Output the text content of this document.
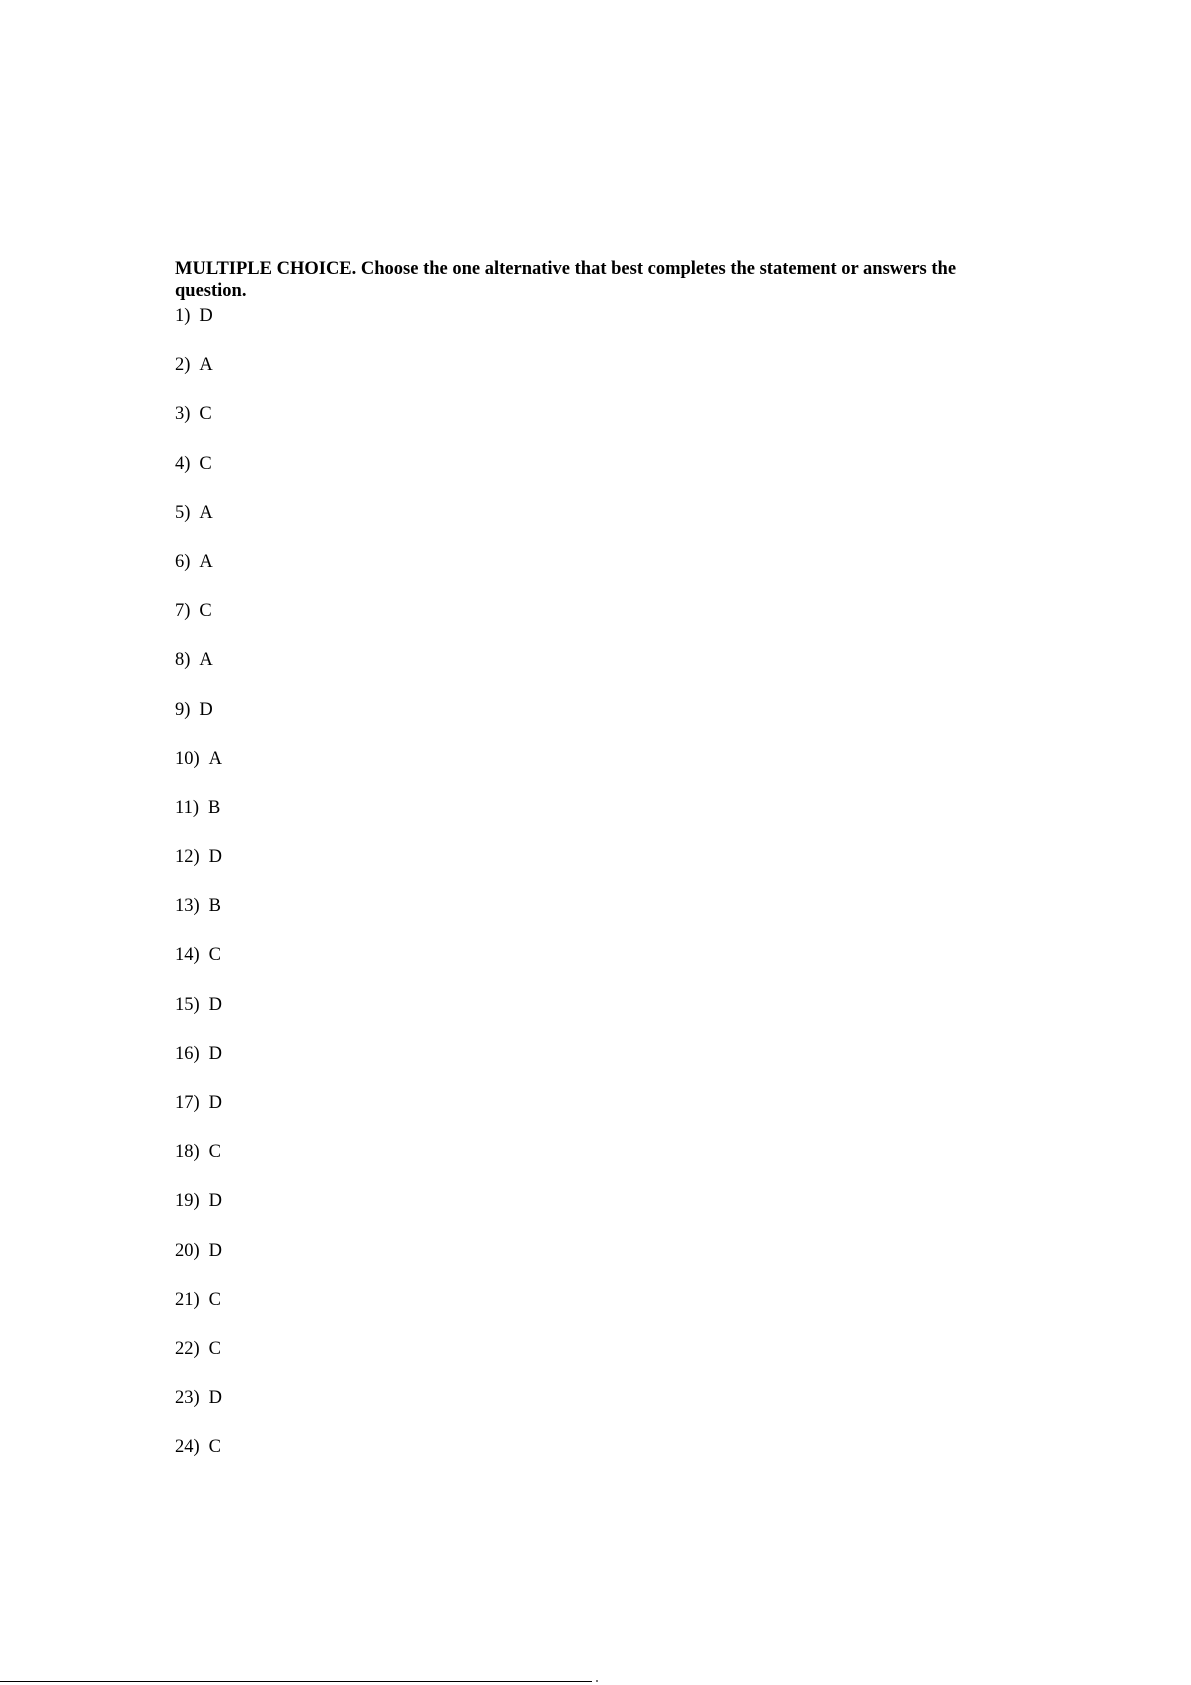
MULTIPLE CHOICE. Choose the one alternative that best completes the statement or answers the question.

1) D
2) A
3) C
4) C
5) A
6) A
7) C
8) A
9) D
10) A
11) B
12) D
13) B
14) C
15) D
16) D
17) D
18) C
19) D
20) D
21) C
22) C
23) D
24) C
